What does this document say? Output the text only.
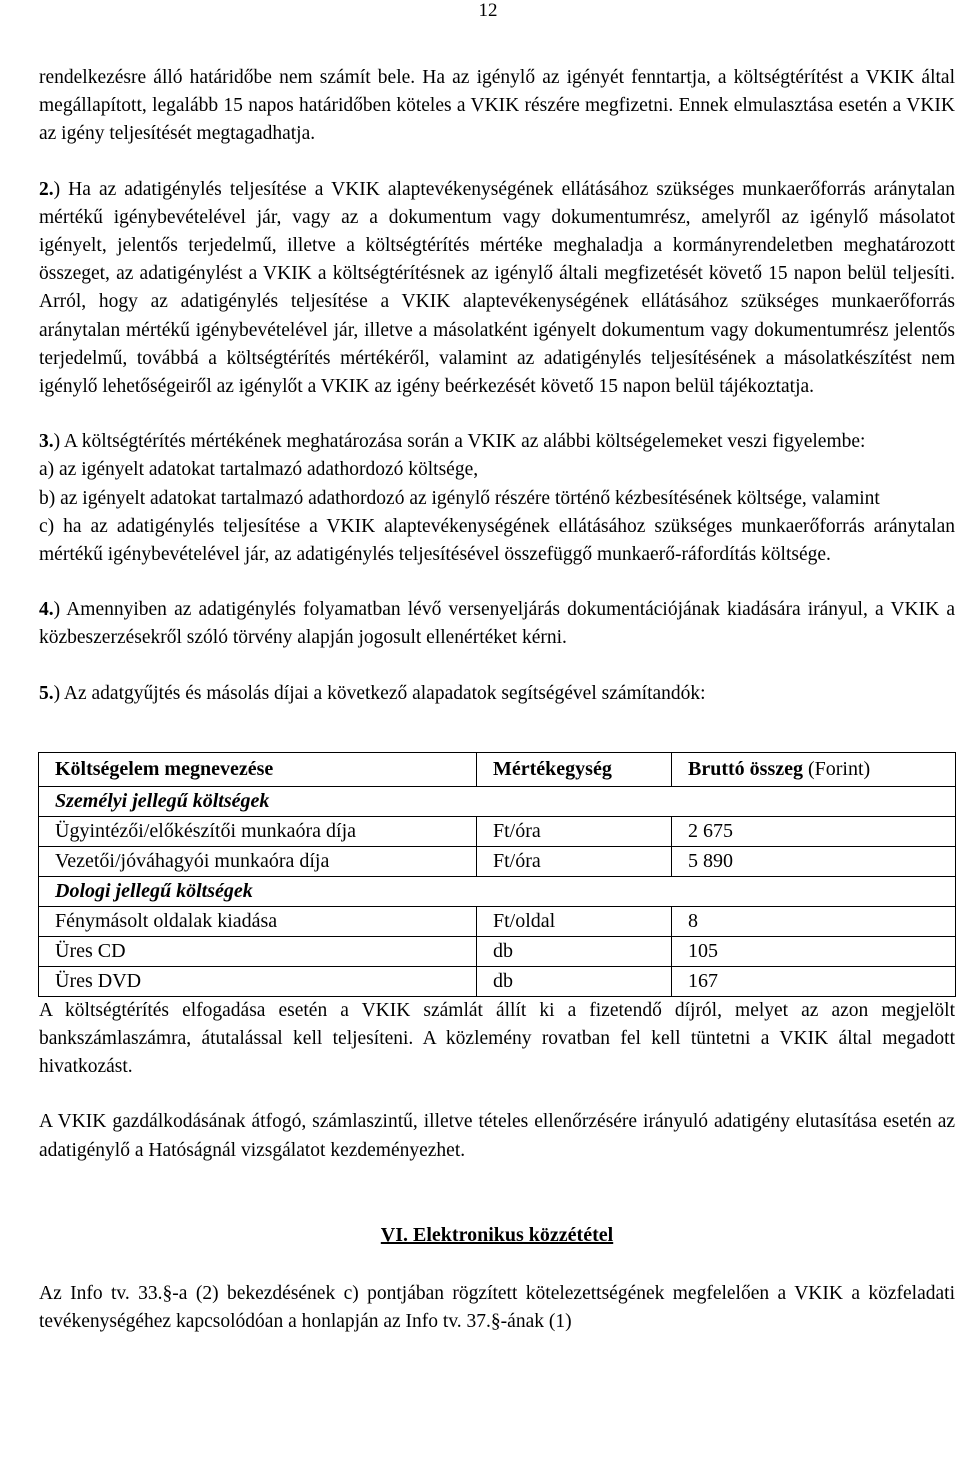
12

rendelkezésre álló határidőbe nem számít bele. Ha az igénylő az igényét fenntartja, a költségtérítést a VKIK által megállapított, legalább 15 napos határidőben köteles a VKIK részére megfizetni. Ennek elmulasztása esetén a VKIK az igény teljesítését megtagadhatja.

2.) Ha az adatigénylés teljesítése a VKIK alaptevékenységének ellátásához szükséges munkaerőforrás aránytalan mértékű igénybevételével jár, vagy az a dokumentum vagy dokumentumrész, amelyről az igénylő másolatot igényelt, jelentős terjedelmű, illetve a költségtérítés mértéke meghaladja a kormányrendeletben meghatározott összeget, az adatigénylést a VKIK a költségtérítésnek az igénylő általi megfizetését követő 15 napon belül teljesíti. Arról, hogy az adatigénylés teljesítése a VKIK alaptevékenységének ellátásához szükséges munkaerőforrás aránytalan mértékű igénybevételével jár, illetve a másolatként igényelt dokumentum vagy dokumentumrész jelentős terjedelmű, továbbá a költségtérítés mértékéről, valamint az adatigénylés teljesítésének a másolatkészítést nem igénylő lehetőségeiről az igénylőt a VKIK az igény beérkezését követő 15 napon belül tájékoztatja.

3.) A költségtérítés mértékének meghatározása során a VKIK az alábbi költségelemeket veszi figyelembe:

a) az igényelt adatokat tartalmazó adathordozó költsége,

b) az igényelt adatokat tartalmazó adathordozó az igénylő részére történő kézbesítésének költsége, valamint

c) ha az adatigénylés teljesítése a VKIK alaptevékenységének ellátásához szükséges munkaerőforrás aránytalan mértékű igénybevételével jár, az adatigénylés teljesítésével összefüggő munkaerő-ráfordítás költsége.

4.) Amennyiben az adatigénylés folyamatban lévő versenyeljárás dokumentációjának kiadására irányul, a VKIK a közbeszerzésekről szóló törvény alapján jogosult ellenértéket kérni.

5.) Az adatgyűjtés és másolás díjai a következő alapadatok segítségével számítandók:

Költségelem megnevezése	Mértékegység	Bruttó összeg (Forint)
Személyi jellegű költségek		
Ügyintézői/előkészítői munkaóra díja	Ft/óra	2 675
Vezetői/jóváhagyói munkaóra díja	Ft/óra	5 890
Dologi jellegű költségek		
Fénymásolt oldalak kiadása	Ft/oldal	8
Üres CD	db	105
Üres DVD	db	167

A költségtérítés elfogadása esetén a VKIK számlát állít ki a fizetendő díjról, melyet az azon megjelölt bankszámlaszámra, átutalással kell teljesíteni. A közlemény rovatban fel kell tüntetni a VKIK által megadott hivatkozást.

A VKIK gazdálkodásának átfogó, számlaszintű, illetve tételes ellenőrzésére irányuló adatigény elutasítása esetén az adatigénylő a Hatóságnál vizsgálatot kezdeményezhet.

VI. Elektronikus közzététel

Az Info tv. 33.§-a (2) bekezdésének c) pontjában rögzített kötelezettségének megfelelően a VKIK a közfeladati tevékenységéhez kapcsolódóan a honlapján az Info tv. 37.§-ának (1)
